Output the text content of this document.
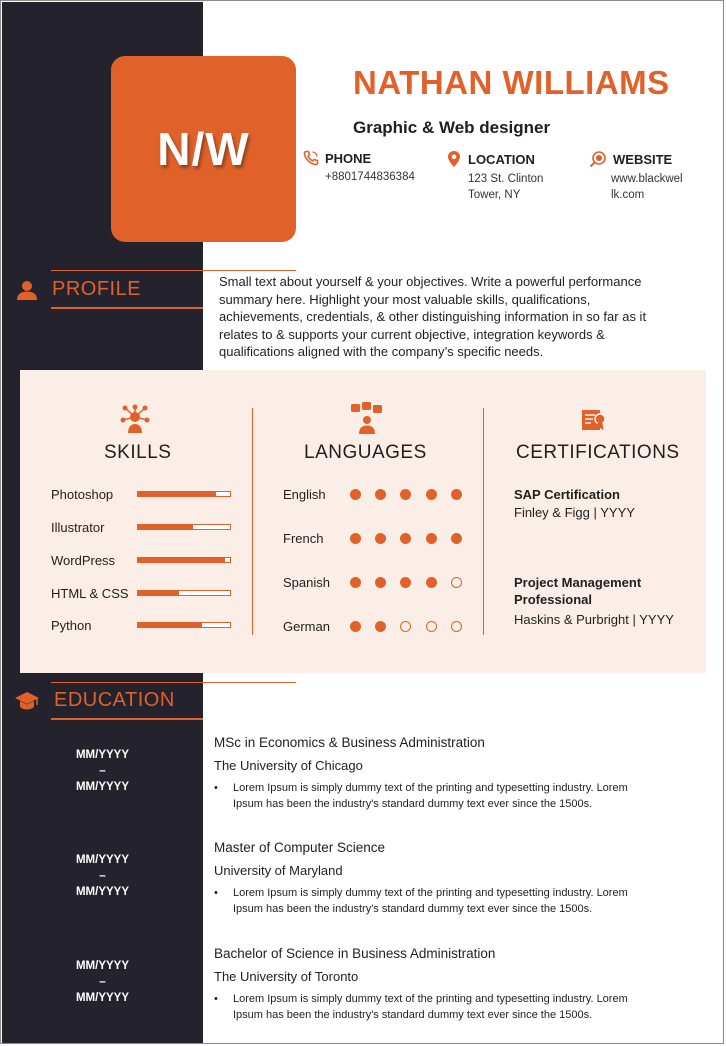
N/W
NATHAN WILLIAMS
Graphic & Web designer
PHONE
+8801744836384
LOCATION
123 St. Clinton
Tower, NY
WEBSITE
www.blackwel
lk.com
PROFILE	Small text about yourself & your objectives. Write a powerful performance
summary here. Highlight your most valuable skills, qualifications,
achievements, credentials, & other distinguishing information in so far as it
relates to & supports your current objective, integration keywords &
qualifications aligned with the company’s specific needs.
SKILLS	LANGUAGES	CERTIFICATIONS
Photoshop
Illustrator
WordPress
HTML & CSS
Python
English
French
Spanish
German
SAP Certification
Finley & Figg | YYYY
Project Management
Professional
Haskins & Purbright | YYYY
EDUCATION
MM/YYYY
–
MM/YYYY
MSc in Economics & Business Administration
The University of Chicago
•	Lorem Ipsum is simply dummy text of the printing and typesetting industry. Lorem
Ipsum has been the industry's standard dummy text ever since the 1500s.
MM/YYYY
–
MM/YYYY
Master of Computer Science
University of Maryland
•	Lorem Ipsum is simply dummy text of the printing and typesetting industry. Lorem
Ipsum has been the industry's standard dummy text ever since the 1500s.
MM/YYYY
–
MM/YYYY
Bachelor of Science in Business Administration
The University of Toronto
•	Lorem Ipsum is simply dummy text of the printing and typesetting industry. Lorem
Ipsum has been the industry's standard dummy text ever since the 1500s.
